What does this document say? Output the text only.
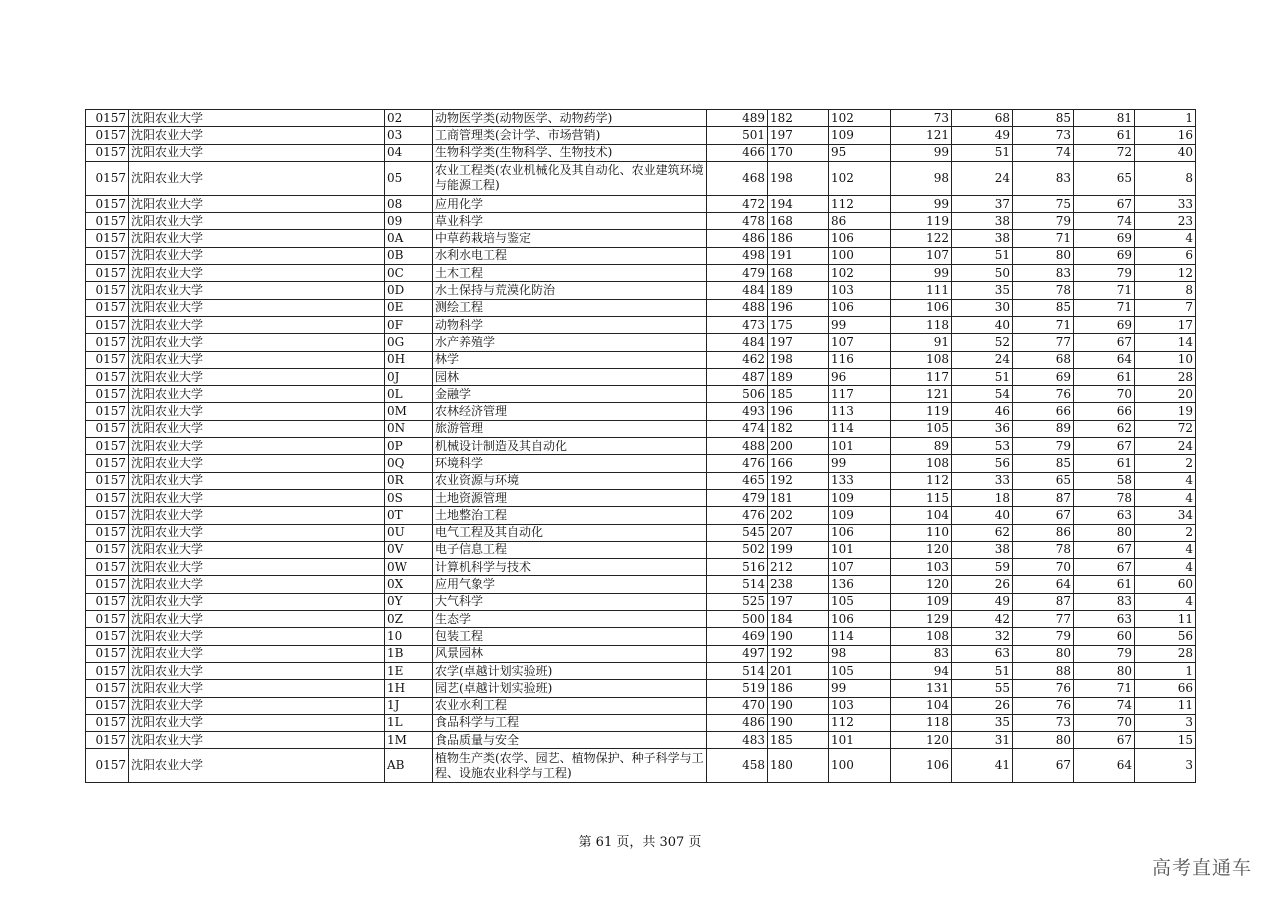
0157	沈阳农业大学	02	动物医学类(动物医学、动物药学)	489	182	102	73	68	85	81	1
0157	沈阳农业大学	03	工商管理类(会计学、市场营销)	501	197	109	121	49	73	61	16
0157	沈阳农业大学	04	生物科学类(生物科学、生物技术)	466	170	95	99	51	74	72	40
0157	沈阳农业大学	05	农业工程类(农业机械化及其自动化、农业建筑环境与能源工程)	468	198	102	98	24	83	65	8
0157	沈阳农业大学	08	应用化学	472	194	112	99	37	75	67	33
0157	沈阳农业大学	09	草业科学	478	168	86	119	38	79	74	23
0157	沈阳农业大学	0A	中草药栽培与鉴定	486	186	106	122	38	71	69	4
0157	沈阳农业大学	0B	水利水电工程	498	191	100	107	51	80	69	6
0157	沈阳农业大学	0C	土木工程	479	168	102	99	50	83	79	12
0157	沈阳农业大学	0D	水土保持与荒漠化防治	484	189	103	111	35	78	71	8
0157	沈阳农业大学	0E	测绘工程	488	196	106	106	30	85	71	7
0157	沈阳农业大学	0F	动物科学	473	175	99	118	40	71	69	17
0157	沈阳农业大学	0G	水产养殖学	484	197	107	91	52	77	67	14
0157	沈阳农业大学	0H	林学	462	198	116	108	24	68	64	10
0157	沈阳农业大学	0J	园林	487	189	96	117	51	69	61	28
0157	沈阳农业大学	0L	金融学	506	185	117	121	54	76	70	20
0157	沈阳农业大学	0M	农林经济管理	493	196	113	119	46	66	66	19
0157	沈阳农业大学	0N	旅游管理	474	182	114	105	36	89	62	72
0157	沈阳农业大学	0P	机械设计制造及其自动化	488	200	101	89	53	79	67	24
0157	沈阳农业大学	0Q	环境科学	476	166	99	108	56	85	61	2
0157	沈阳农业大学	0R	农业资源与环境	465	192	133	112	33	65	58	4
0157	沈阳农业大学	0S	土地资源管理	479	181	109	115	18	87	78	4
0157	沈阳农业大学	0T	土地整治工程	476	202	109	104	40	67	63	34
0157	沈阳农业大学	0U	电气工程及其自动化	545	207	106	110	62	86	80	2
0157	沈阳农业大学	0V	电子信息工程	502	199	101	120	38	78	67	4
0157	沈阳农业大学	0W	计算机科学与技术	516	212	107	103	59	70	67	4
0157	沈阳农业大学	0X	应用气象学	514	238	136	120	26	64	61	60
0157	沈阳农业大学	0Y	大气科学	525	197	105	109	49	87	83	4
0157	沈阳农业大学	0Z	生态学	500	184	106	129	42	77	63	11
0157	沈阳农业大学	10	包装工程	469	190	114	108	32	79	60	56
0157	沈阳农业大学	1B	风景园林	497	192	98	83	63	80	79	28
0157	沈阳农业大学	1E	农学(卓越计划实验班)	514	201	105	94	51	88	80	1
0157	沈阳农业大学	1H	园艺(卓越计划实验班)	519	186	99	131	55	76	71	66
0157	沈阳农业大学	1J	农业水利工程	470	190	103	104	26	76	74	11
0157	沈阳农业大学	1L	食品科学与工程	486	190	112	118	35	73	70	3
0157	沈阳农业大学	1M	食品质量与安全	483	185	101	120	31	80	67	15
0157	沈阳农业大学	AB	植物生产类(农学、园艺、植物保护、种子科学与工程、设施农业科学与工程)	458	180	100	106	41	67	64	3
第 61 页，共 307 页
高考直通车
